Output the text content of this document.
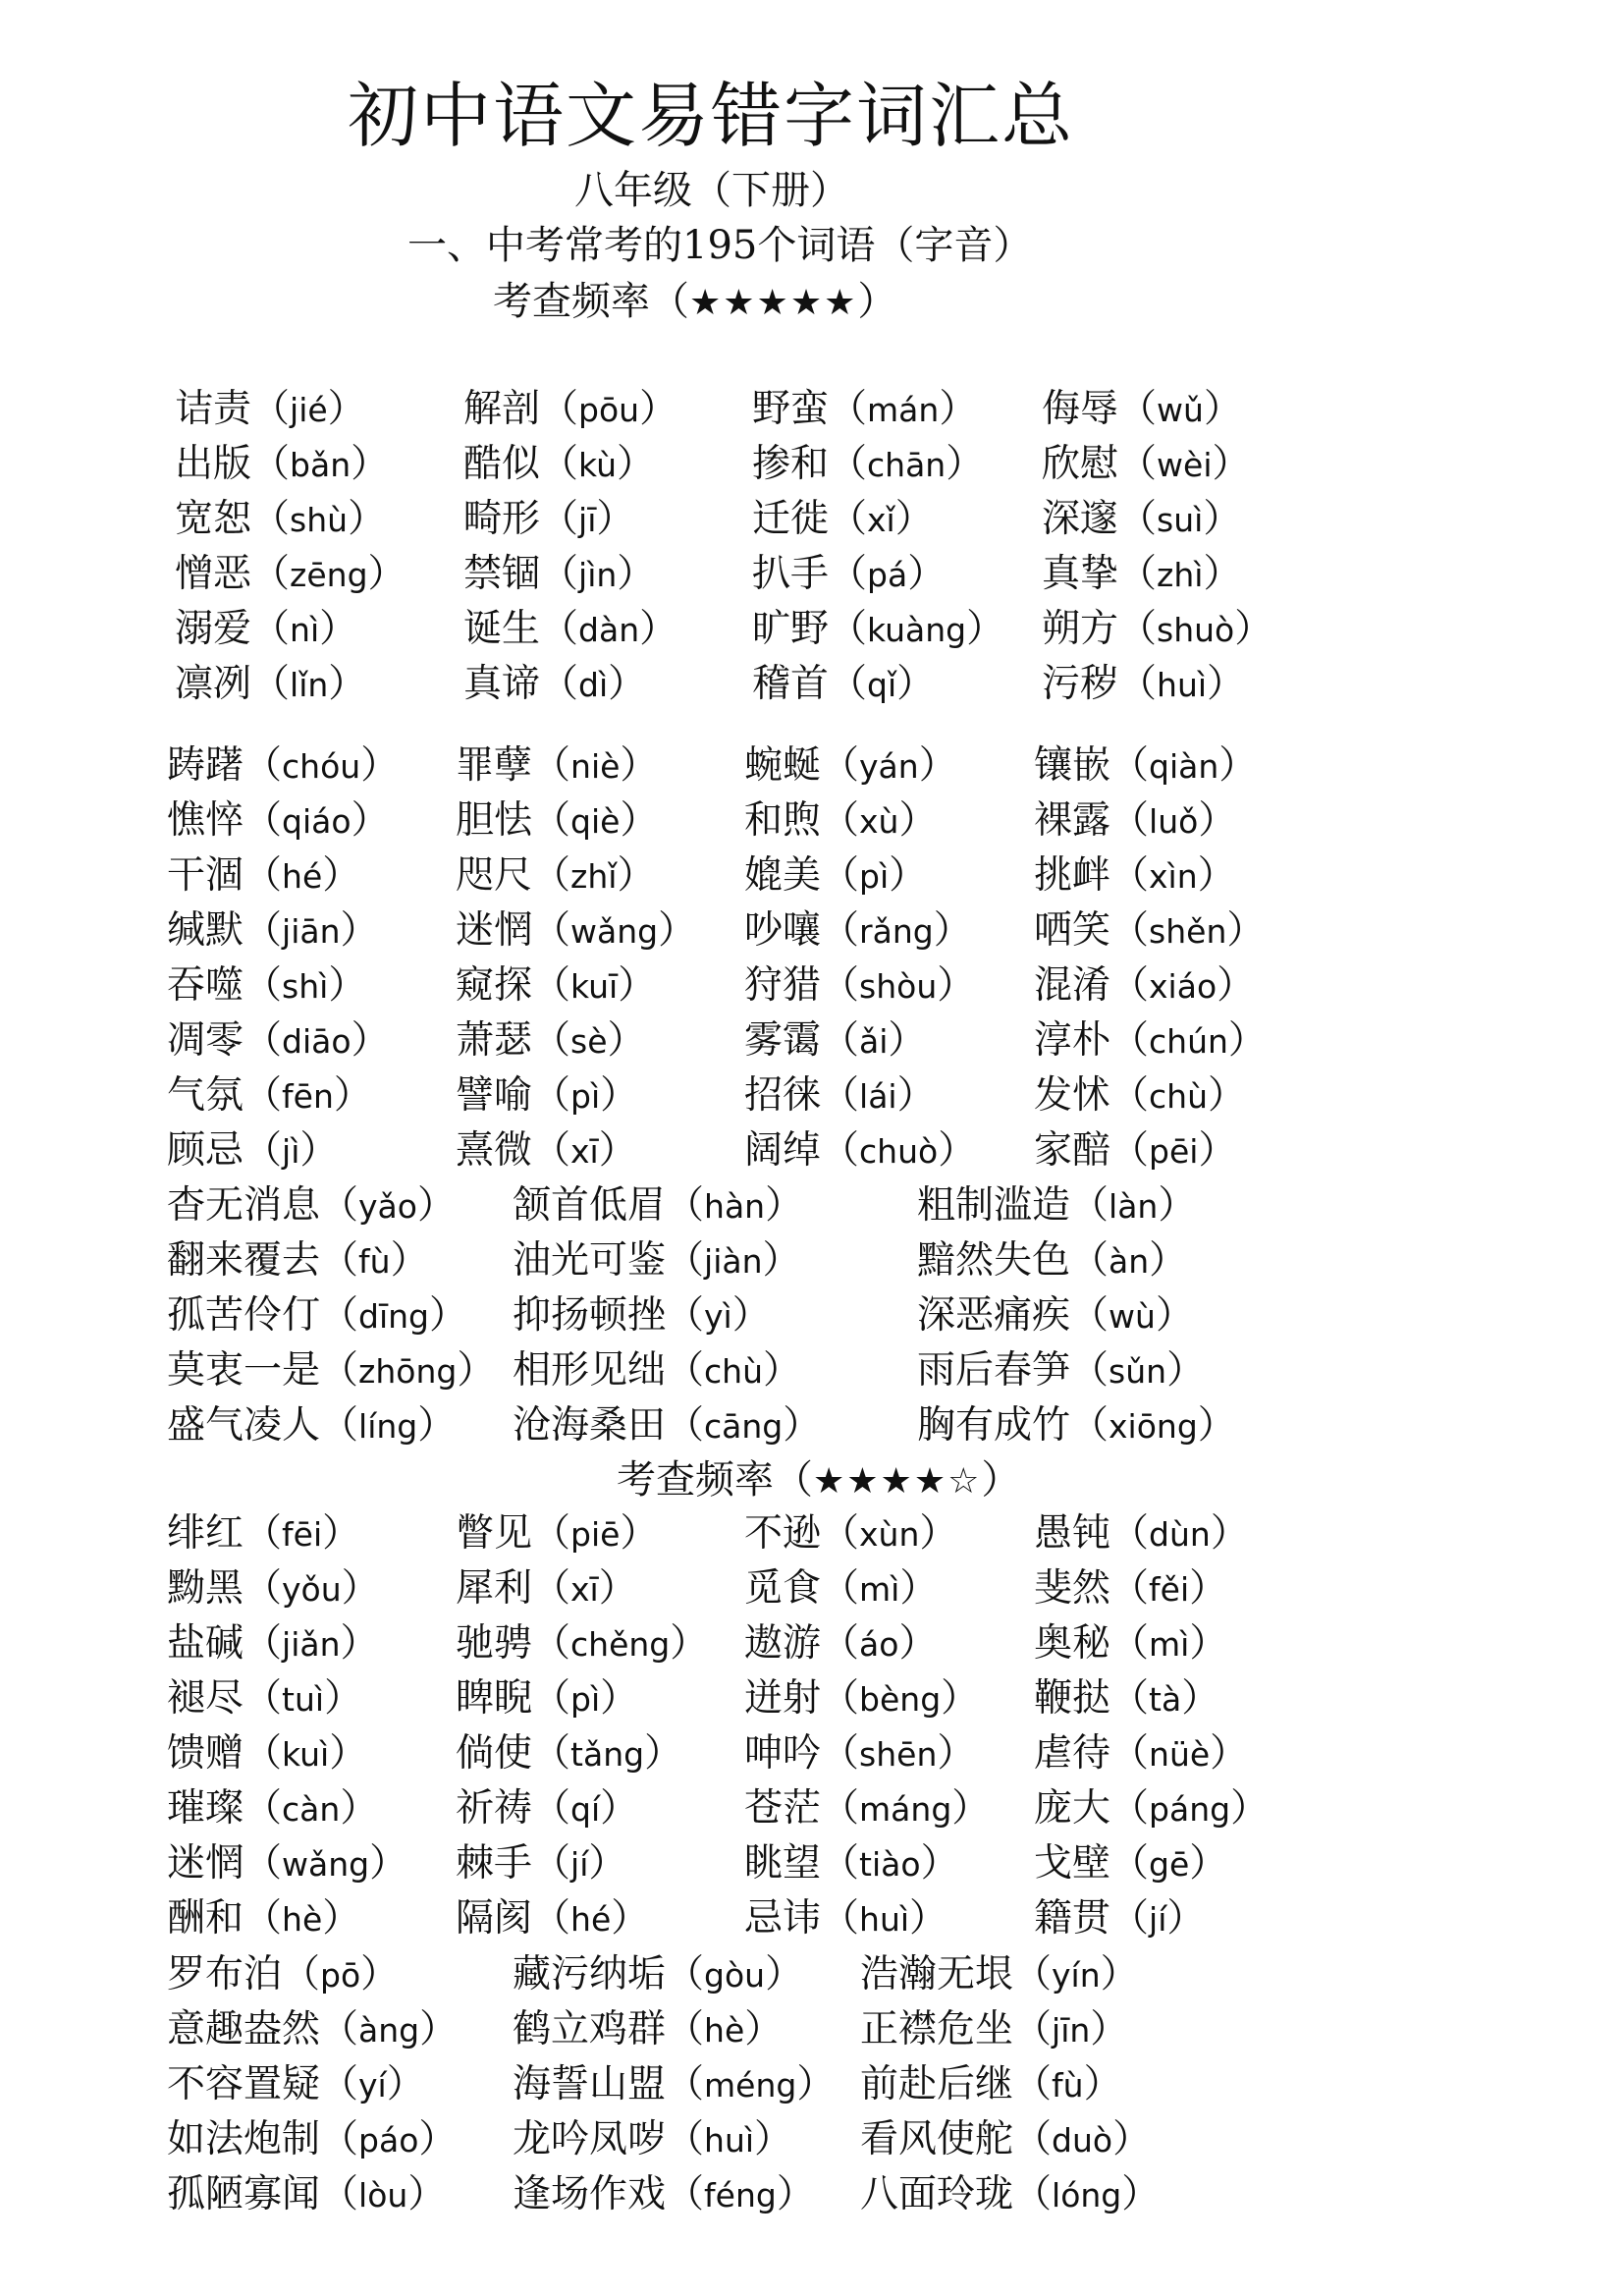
初中语文易错字词汇总
八年级（下册）
一、中考常考的195个词语（字音）
考查频率（★★★★★）
考查频率（★★★★☆）
诘责（jié）	解剖（pōu） 野蛮（mán） 侮辱（wǔ）
出版（bǎn） 酷似（kù）	掺和（chān） 欣慰（wèi）
宽恕（shù） 畸形（jī）	迁徙（xǐ）	深邃（suì）
憎恶（zēng） 禁锢（jìn）	扒手（pá）	真挚（zhì）
溺爱（nì）	诞生（dàn） 旷野（kuàng） 朔方（shuò）
凛冽（lǐn）	真谛（dì）	稽首（qǐ）	污秽（huì）
踌躇（chóu） 罪孽（niè） 蜿蜒（yán） 镶嵌（qiàn）
憔悴（qiáo） 胆怯（qiè） 和煦（xù）	裸露（luǒ）
干涸（hé） 咫尺（zhǐ） 媲美（pì）	挑衅（xìn）
缄默（jiān） 迷惘（wǎng） 吵嚷（rǎng） 哂笑（shěn）
吞噬（shì） 窥探（kuī） 狩猎（shòu） 混淆（xiáo）
凋零（diāo） 萧瑟（sè）	雾霭（ǎi）	淳朴（chún）
气氛（fēn） 譬喻（pì）	招徕（lái）	发怵（chù）
顾忌（jì）	熹微（xī）	阔绰（chuò） 家醅（pēi）
杳无消息（yǎo） 颔首低眉（hàn）	粗制滥造（làn）
翻来覆去（fù） 油光可鉴（jiàn）	黯然失色（àn）
孤苦伶仃（dīng） 抑扬顿挫（yì）	深恶痛疾（wù）
莫衷一是（zhōng） 相形见绌（chù）	雨后春笋（sǔn）
盛气凌人（líng） 沧海桑田（cāng）	胸有成竹（xiōng）
绯红（fēi） 瞥见（piē） 不逊（xùn） 愚钝（dùn）
黝黑（yǒu） 犀利（xī）	觅食（mì）	斐然（fěi）
盐碱（jiǎn） 驰骋（chěng） 遨游（áo）	奥秘（mì）
褪尽（tuì） 睥睨（pì）	迸射（bèng） 鞭挞（tà）
馈赠（kuì） 倘使（tǎng） 呻吟（shēn） 虐待（nüè）
璀璨（càn） 祈祷（qí）	苍茫（máng） 庞大（páng）
迷惘（wǎng） 棘手（jí）	眺望（tiào） 戈壁（gē）
酬和（hè） 隔阂（hé） 忌讳（huì） 籍贯（jí）
罗布泊（pō）	藏污纳垢（gòu） 浩瀚无垠（yín）
意趣盎然（àng） 鹤立鸡群（hè） 正襟危坐（jīn）
不容置疑（yí） 海誓山盟（méng） 前赴后继（fù）
如法炮制（páo） 龙吟凤哕（huì） 看风使舵（duò）
孤陋寡闻（lòu） 逢场作戏（féng） 八面玲珑（lóng）
